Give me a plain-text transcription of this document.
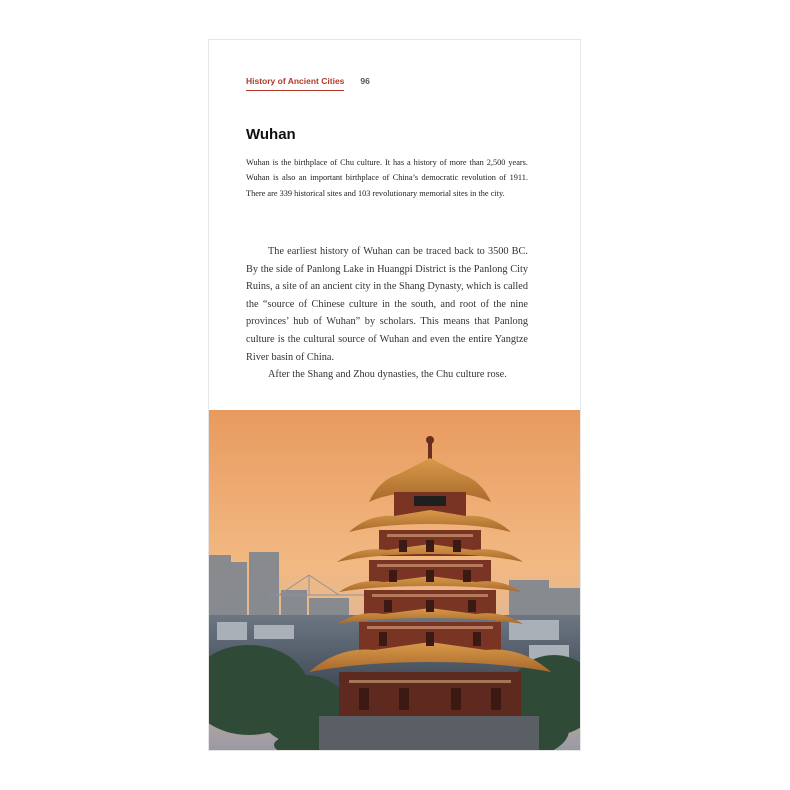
History of Ancient Cities 96
Wuhan
Wuhan is the birthplace of Chu culture. It has a history of more than 2,500 years. Wuhan is also an important birthplace of China’s democratic revolution of 1911. There are 339 historical sites and 103 revolutionary memorial sites in the city.

The earliest history of Wuhan can be traced back to 3500 BC. By the side of Panlong Lake in Huangpi District is the Panlong City Ruins, a site of an ancient city in the Shang Dynasty, which is called the “source of Chinese culture in the south, and root of the nine provinces’ hub of Wuhan” by scholars. This means that Panlong culture is the cultural source of Wuhan and even the entire Yangtze River basin of China.

After the Shang and Zhou dynasties, the Chu culture rose.
